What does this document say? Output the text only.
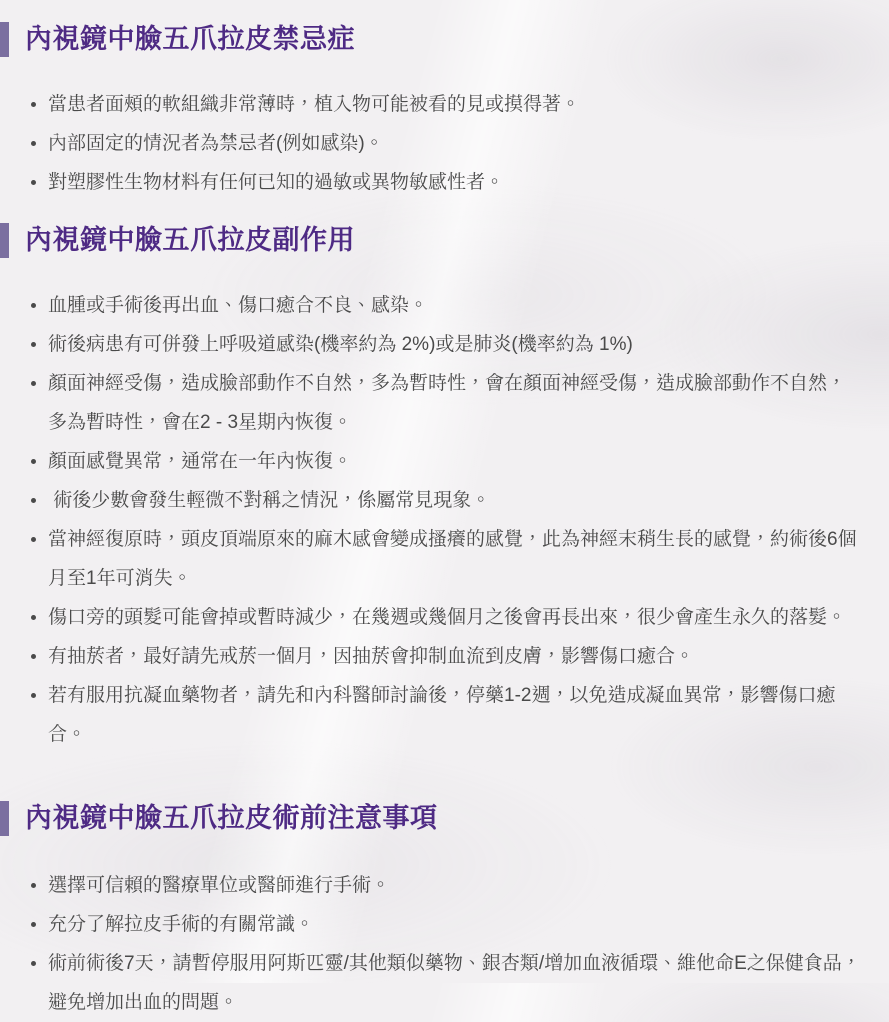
內視鏡中臉五爪拉皮禁忌症
當患者面頰的軟組織非常薄時，植入物可能被看的見或摸得著。
內部固定的情況者為禁忌者(例如感染)。
對塑膠性生物材料有任何已知的過敏或異物敏感性者。
內視鏡中臉五爪拉皮副作用
血腫或手術後再出血、傷口癒合不良、感染。
術後病患有可併發上呼吸道感染(機率約為 2%)或是肺炎(機率約為 1%)
顏面神經受傷，造成臉部動作不自然，多為暫時性，會在顏面神經受傷，造成臉部動作不自然，多為暫時性，會在2 - 3星期內恢復。
顏面感覺異常，通常在一年內恢復。
術後少數會發生輕微不對稱之情況，係屬常見現象。
當神經復原時，頭皮頂端原來的麻木感會變成搔癢的感覺，此為神經末稍生長的感覺，約術後6個月至1年可消失。
傷口旁的頭髮可能會掉或暫時減少，在幾週或幾個月之後會再長出來，很少會產生永久的落髮。
有抽菸者，最好請先戒菸一個月，因抽菸會抑制血流到皮膚，影響傷口癒合。
若有服用抗凝血藥物者，請先和內科醫師討論後，停藥1-2週，以免造成凝血異常，影響傷口癒合。
內視鏡中臉五爪拉皮術前注意事項
選擇可信賴的醫療單位或醫師進行手術。
充分了解拉皮手術的有關常識。
術前術後7天，請暫停服用阿斯匹靈/其他類似藥物、銀杏類/增加血液循環、維他命E之保健食品，避免增加出血的問題。
